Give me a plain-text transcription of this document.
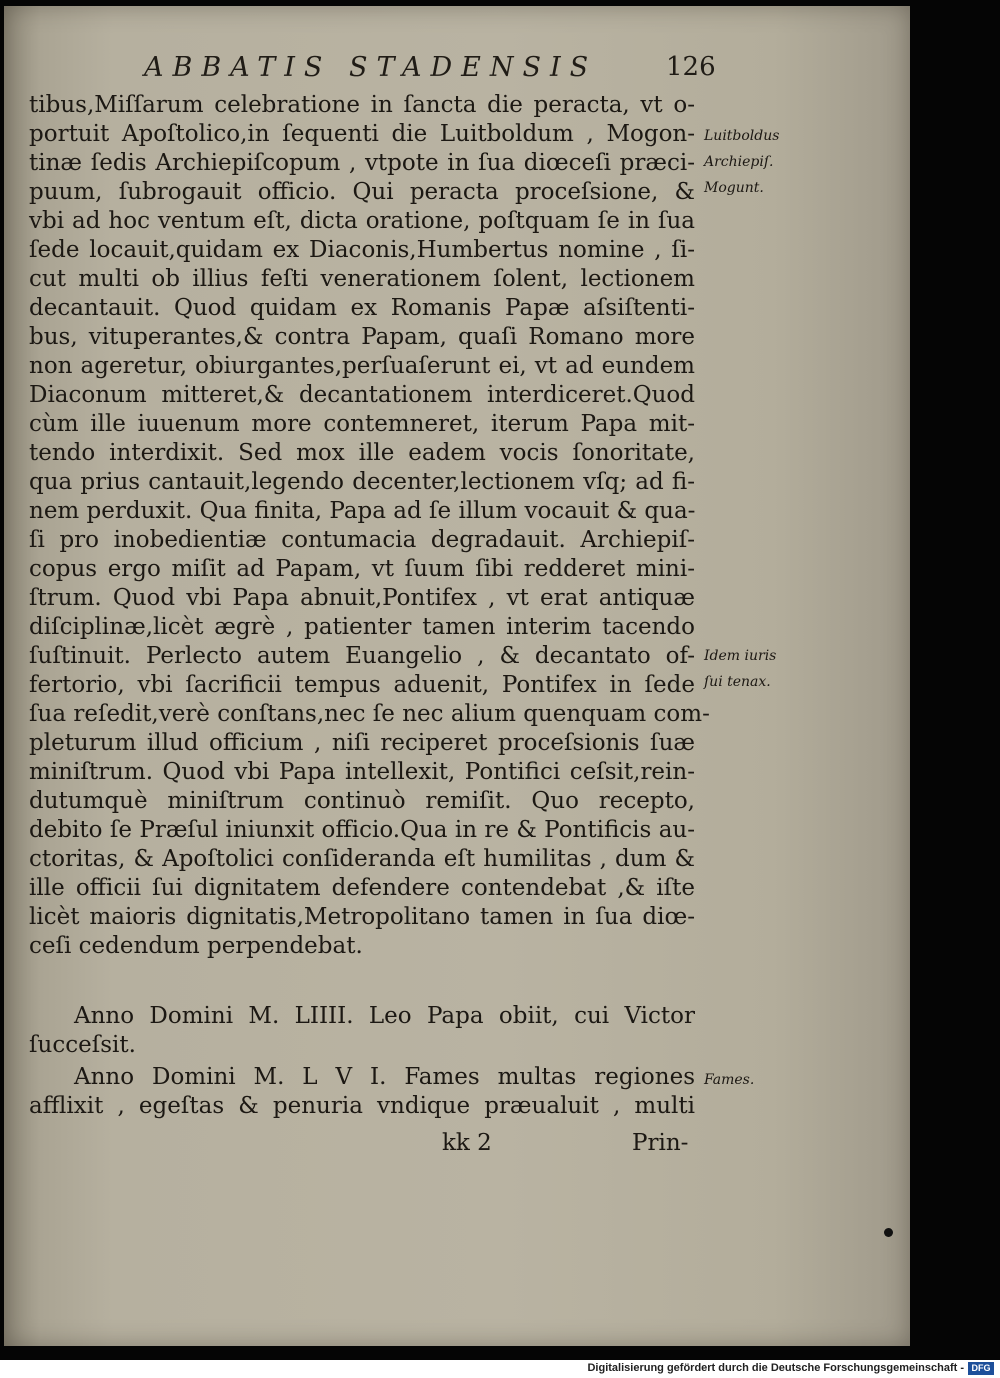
ABBATIS STADENSIS	126
tibus,Miſſarum celebratione in ſancta die peracta, vt o-
portuit Apoſtolico,in ſequenti die Luitboldum , Mogon-
tinæ ſedis Archiepiſcopum , vtpote in ſua diœceſi præci-
puum, ſubrogauit officio. Qui peracta proceſsione, &
vbi ad hoc ventum eſt, dicta oratione, poſtquam ſe in ſua
ſede locauit,quidam ex Diaconis,Humbertus nomine , ſi-
cut multi ob illius feſti venerationem ſolent, lectionem
decantauit. Quod quidam ex Romanis Papæ aſsiſtenti-
bus, vituperantes,& contra Papam, quaſi Romano more
non ageretur, obiurgantes,perſuaſerunt ei, vt ad eundem
Diaconum mitteret,& decantationem interdiceret.Quod
cùm ille iuuenum more contemneret, iterum Papa mit-
tendo interdixit. Sed mox ille eadem vocis ſonoritate,
qua prius cantauit,legendo decenter,lectionem vſq; ad fi-
nem perduxit. Qua finita, Papa ad ſe illum vocauit & qua-
ſi pro inobedientiæ contumacia degradauit. Archiepiſ-
copus ergo miſit ad Papam, vt ſuum ſibi redderet mini-
ſtrum. Quod vbi Papa abnuit,Pontifex , vt erat antiquæ
diſciplinæ,licèt ægrè , patienter tamen interim tacendo
ſuſtinuit. Perlecto autem Euangelio , & decantato of-
fertorio, vbi ſacrificii tempus aduenit, Pontifex in ſede
ſua reſedit,verè conſtans,nec ſe nec alium quenquam com-
pleturum illud officium , niſi reciperet proceſsionis ſuæ
miniſtrum. Quod vbi Papa intellexit, Pontifici ceſsit,rein-
dutumquè miniſtrum continuò remiſit. Quo recepto,
debito ſe Præſul iniunxit officio.Qua in re & Pontificis au-
ctoritas, & Apoſtolici conſideranda eſt humilitas , dum &
ille officii ſui dignitatem defendere contendebat ,& iſte
licèt maioris dignitatis,Metropolitano tamen in ſua diœ-
ceſi cedendum perpendebat.
Anno Domini M. LIIII. Leo Papa obiit, cui Victor
ſucceſsit.
Anno Domini M. L V I. Fames multas regiones
afflixit , egeſtas & penuria vndique præualuit , multi
kk 2	Prin-
Luitboldus
Archiepiſ.
Mogunt.
Idem iuris
ſui tenax.
Fames.
Digitalisierung gefördert durch die Deutsche Forschungsgemeinschaft - DFG
